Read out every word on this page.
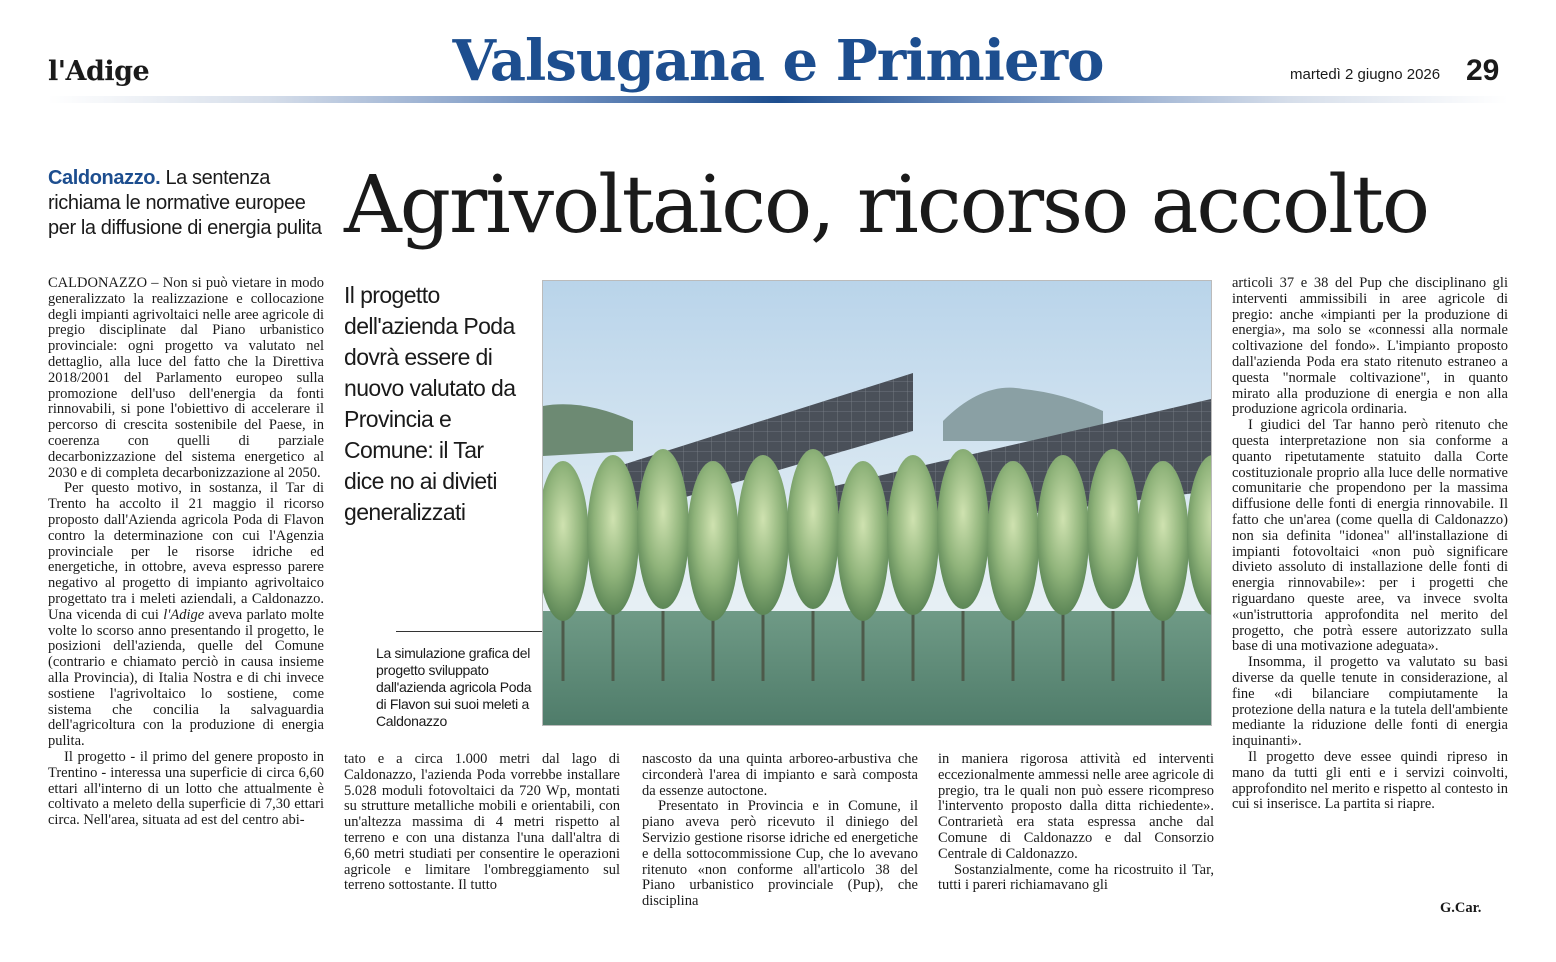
l'Adige	Valsugana e Primiero	martedì 2 giugno 2026 29
Caldonazzo. La sentenza richiama le normative europee per la diffusione di energia pulita Agrivoltaico, ricorso accolto
Il progetto dell'azienda Poda dovrà essere di nuovo valutato da Provincia e Comune: il Tar dice no ai divieti generalizzati
La simulazione grafica del progetto sviluppato dall'azienda agricola Poda di Flavon sui suoi meleti a Caldonazzo

CALDONAZZO – Non si può vietare in modo generalizzato la realizzazione e collocazione degli impianti agrivoltaici nelle aree agricole di pregio disciplinate dal Piano urbanistico provinciale: ogni progetto va valutato nel dettaglio, alla luce del fatto che la Direttiva 2018/2001 del Parlamento europeo sulla promozione dell'uso dell'energia da fonti rinnovabili, si pone l'obiettivo di accelerare il percorso di crescita sostenibile del Paese, in coerenza con quelli di parziale decarbonizzazione del sistema energetico al 2030 e di completa decarbonizzazione al 2050.

Per questo motivo, in sostanza, il Tar di Trento ha accolto il 21 maggio il ricorso proposto dall'Azienda agricola Poda di Flavon contro la determinazione con cui l'Agenzia provinciale per le risorse idriche ed energetiche, in ottobre, aveva espresso parere negativo al progetto di impianto agrivoltaico progettato tra i meleti aziendali, a Caldonazzo. Una vicenda di cui l'Adige aveva parlato molte volte lo scorso anno presentando il progetto, le posizioni dell'azienda, quelle del Comune (contrario e chiamato perciò in causa insieme alla Provincia), di Italia Nostra e di chi invece sostiene l'agrivoltaico lo sostiene, come sistema che concilia la salvaguardia dell'agricoltura con la produzione di energia pulita.

Il progetto - il primo del genere proposto in Trentino - interessa una superficie di circa 6,60 ettari all'interno di un lotto che attualmente è coltivato a meleto della superficie di 7,30 ettari circa. Nell'area, situata ad est del centro abi-

tato e a circa 1.000 metri dal lago di Caldonazzo, l'azienda Poda vorrebbe installare 5.028 moduli fotovoltaici da 720 Wp, montati su strutture metalliche mobili e orientabili, con un'altezza massima di 4 metri rispetto al terreno e con una distanza l'una dall'altra di 6,60 metri studiati per consentire le operazioni agricole e limitare l'ombreggiamento sul terreno sottostante. Il tutto

nascosto da una quinta arboreo-arbustiva che circonderà l'area di impianto e sarà composta da essenze autoctone.

Presentato in Provincia e in Comune, il piano aveva però ricevuto il diniego del Servizio gestione risorse idriche ed energetiche e della sottocommissione Cup, che lo avevano ritenuto «non conforme all'articolo 38 del Piano urbanistico provinciale (Pup), che disciplina

in maniera rigorosa attività ed interventi eccezionalmente ammessi nelle aree agricole di pregio, tra le quali non può essere ricompreso l'intervento proposto dalla ditta richiedente». Contrarietà era stata espressa anche dal Comune di Caldonazzo e dal Consorzio Centrale di Caldonazzo.

Sostanzialmente, come ha ricostruito il Tar, tutti i pareri richiamavano gli

articoli 37 e 38 del Pup che disciplinano gli interventi ammissibili in aree agricole di pregio: anche «impianti per la produzione di energia», ma solo se «connessi alla normale coltivazione del fondo». L'impianto proposto dall'azienda Poda era stato ritenuto estraneo a questa "normale coltivazione", in quanto mirato alla produzione di energia e non alla produzione agricola ordinaria.

I giudici del Tar hanno però ritenuto che questa interpretazione non sia conforme a quanto ripetutamente statuito dalla Corte costituzionale proprio alla luce delle normative comunitarie che propendono per la massima diffusione delle fonti di energia rinnovabile. Il fatto che un'area (come quella di Caldonazzo) non sia definita "idonea" all'installazione di impianti fotovoltaici «non può significare divieto assoluto di installazione delle fonti di energia rinnovabile»: per i progetti che riguardano queste aree, va invece svolta «un'istruttoria approfondita nel merito del progetto, che potrà essere autorizzato sulla base di una motivazione adeguata».

Insomma, il progetto va valutato su basi diverse da quelle tenute in considerazione, al fine «di bilanciare compiutamente la protezione della natura e la tutela dell'ambiente mediante la riduzione delle fonti di energia inquinanti».

Il progetto deve essee quindi ripreso in mano da tutti gli enti e i servizi coinvolti, approfondito nel merito e rispetto al contesto in cui si inserisce. La partita si riapre.

G.Car.
